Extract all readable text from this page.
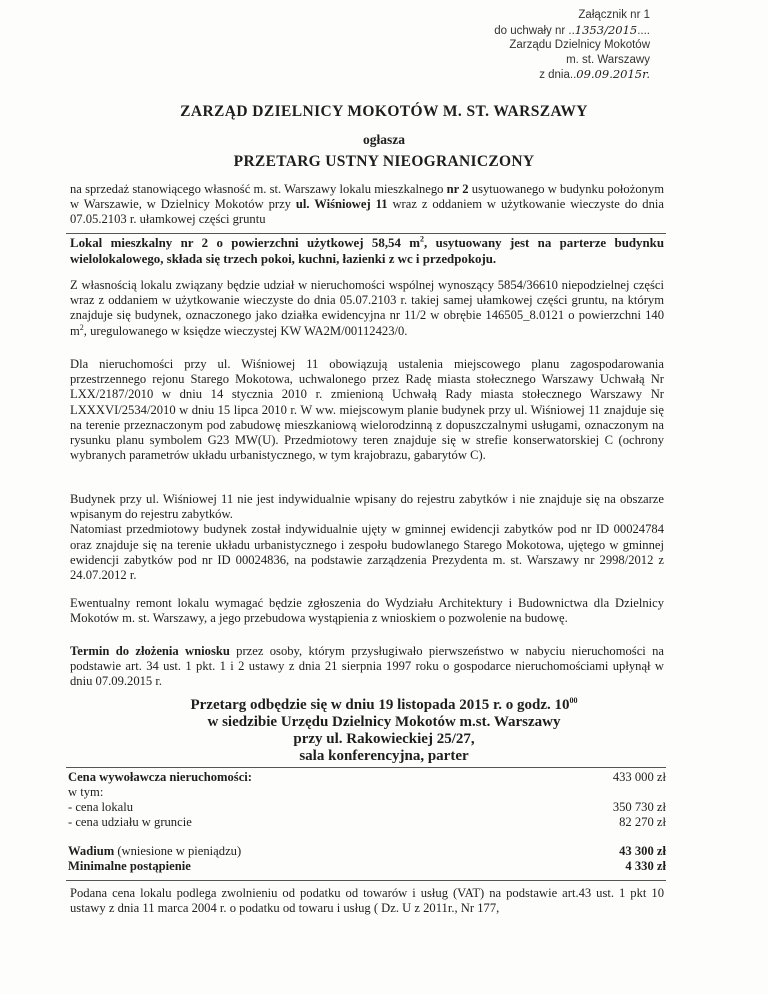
Załącznik nr 1
do uchwały nr ..1353/2015....
Zarządu Dzielnicy Mokotów
m. st. Warszawy
z dnia..09.09.2015r.
ZARZĄD DZIELNICY MOKOTÓW M. ST. WARSZAWY
ogłasza
PRZETARG USTNY NIEOGRANICZONY
na sprzedaż stanowiącego własność m. st. Warszawy lokalu mieszkalnego nr 2 usytuowanego w budynku położonym w Warszawie, w Dzielnicy Mokotów przy ul. Wiśniowej 11 wraz z oddaniem w użytkowanie wieczyste do dnia 07.05.2103 r. ułamkowej części gruntu
Lokal mieszkalny nr 2 o powierzchni użytkowej 58,54 $m^2$, usytuowany jest na parterze budynku wielolokalowego, składa się trzech pokoi, kuchni, łazienki z wc i przedpokoju.
Z własnością lokalu związany będzie udział w nieruchomości wspólnej wynoszący 5854/36610 niepodzielnej części wraz z oddaniem w użytkowanie wieczyste do dnia 05.07.2103 r. takiej samej ułamkowej części gruntu, na którym znajduje się budynek, oznaczonego jako działka ewidencyjna nr 11/2 w obrębie 146505_8.0121 o powierzchni 140 $m^2$, uregulowanego w księdze wieczystej KW WA2M/00112423/0.
Dla nieruchomości przy ul. Wiśniowej 11 obowiązują ustalenia miejscowego planu zagospodarowania przestrzennego rejonu Starego Mokotowa, uchwalonego przez Radę miasta stołecznego Warszawy Uchwałą Nr LXX/2187/2010 w dniu 14 stycznia 2010 r. zmienioną Uchwałą Rady miasta stołecznego Warszawy Nr LXXXVI/2534/2010 w dniu 15 lipca 2010 r. W ww. miejscowym planie budynek przy ul. Wiśniowej 11 znajduje się na terenie przeznaczonym pod zabudowę mieszkaniową wielorodzinną z dopuszczalnymi usługami, oznaczonym na rysunku planu symbolem G23 MW(U). Przedmiotowy teren znajduje się w strefie konserwatorskiej C (ochrony wybranych parametrów układu urbanistycznego, w tym krajobrazu, gabarytów C).

Budynek przy ul. Wiśniowej 11 nie jest indywidualnie wpisany do rejestru zabytków i nie znajduje się na obszarze wpisanym do rejestru zabytków.

Natomiast przedmiotowy budynek został indywidualnie ujęty w gminnej ewidencji zabytków pod nr ID 00024784 oraz znajduje się na terenie układu urbanistycznego i zespołu budowlanego Starego Mokotowa, ujętego w gminnej ewidencji zabytków pod nr ID 00024836, na podstawie zarządzenia Prezydenta m. st. Warszawy nr 2998/2012 z 24.07.2012 r.

Ewentualny remont lokalu wymagać będzie zgłoszenia do Wydziału Architektury i Budownictwa dla Dzielnicy Mokotów m. st. Warszawy, a jego przebudowa wystąpienia z wnioskiem o pozwolenie na budowę.
Termin do złożenia wniosku przez osoby, którym przysługiwało pierwszeństwo w nabyciu nieruchomości na podstawie art. 34 ust. 1 pkt. 1 i 2 ustawy z dnia 21 sierpnia 1997 roku o gospodarce nieruchomościami upłynął w dniu 07.09.2015 r.
Przetarg odbędzie się w dniu 19 listopada 2015 r. o godz. $10^{00}$
w siedzibie Urzędu Dzielnicy Mokotów m.st. Warszawy
przy ul. Rakowieckiej 25/27,
sala konferencyjna, parter
Cena wywoławcza nieruchomości:	433 000 zł
w tym:
- cena lokalu	350 730 zł
- cena udziału w gruncie	82 270 zł
Wadium (wniesione w pieniądzu)	43 300 zł
Minimalne postąpienie	4 330 zł
Podana cena lokalu podlega zwolnieniu od podatku od towarów i usług (VAT) na podstawie art.43 ust. 1 pkt 10 ustawy z dnia 11 marca 2004 r. o podatku od towaru i usług ( Dz. U z 2011r., Nr 177,
